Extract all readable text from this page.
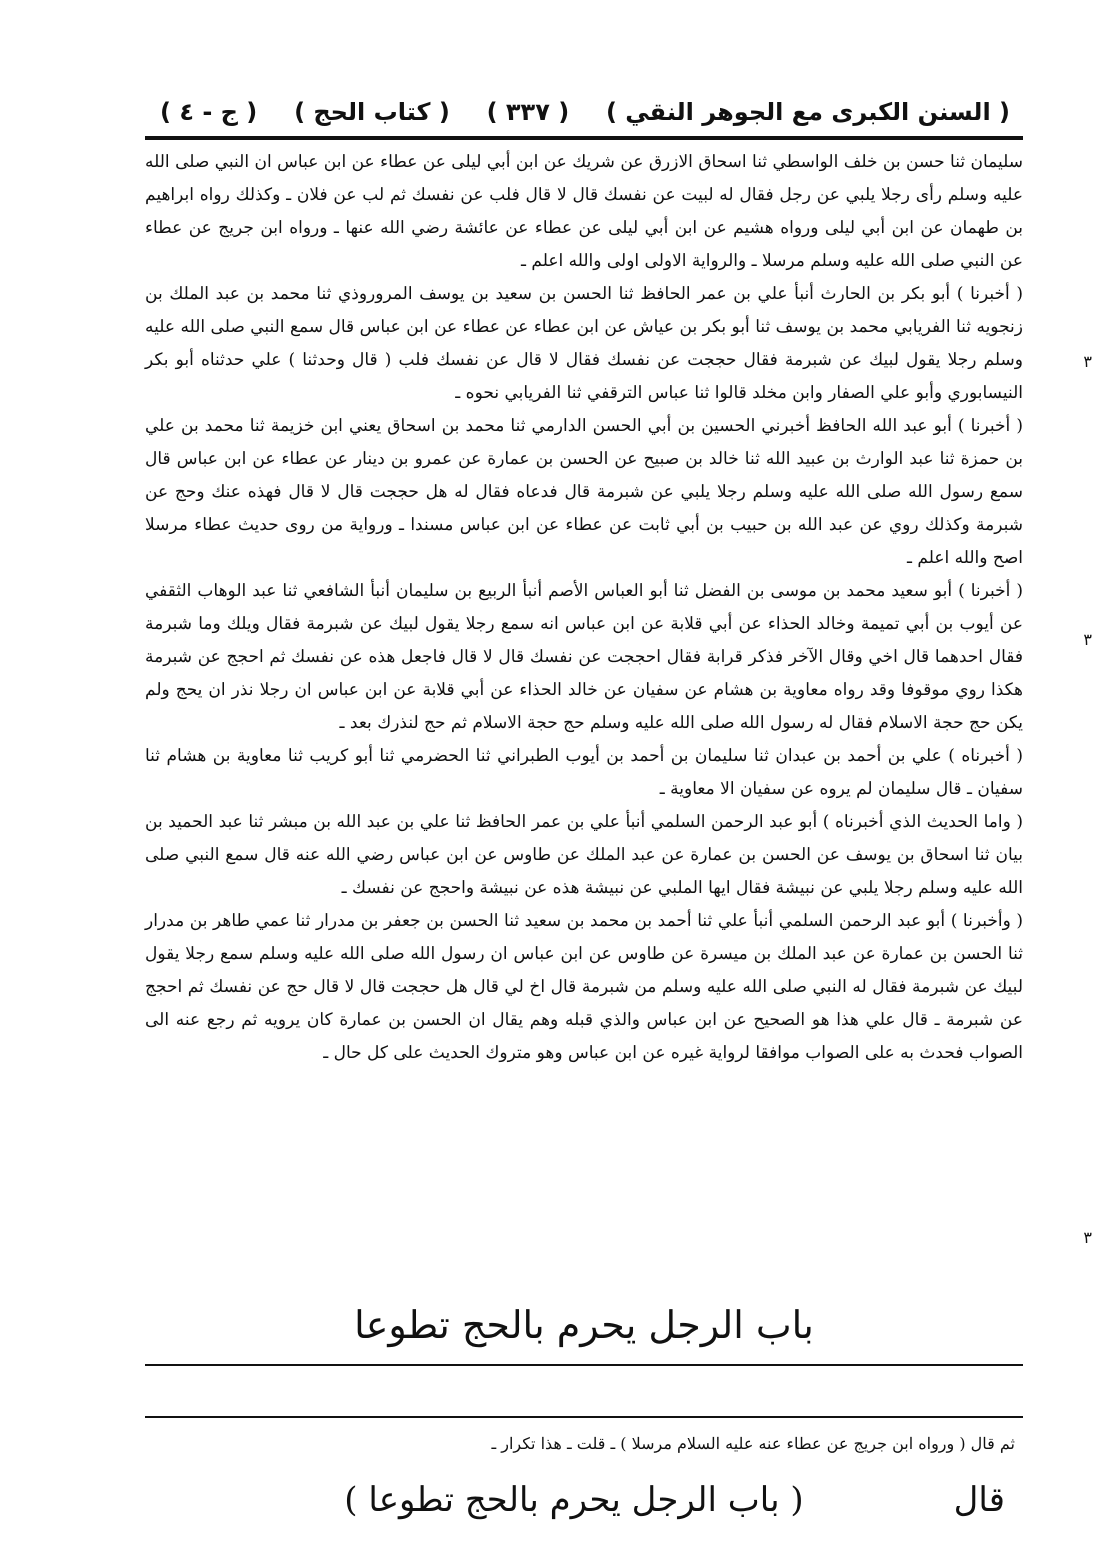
( السنن الكبرى مع الجوهر النقي )
( ٣٣٧ )
( كتاب الحج )
( ج - ٤ )
٣
٣
٣

سليمان ثنا حسن بن خلف الواسطي ثنا اسحاق الازرق عن شريك عن ابن أبي ليلى عن عطاء عن ابن عباس ان النبي صلى الله عليه وسلم رأى رجلا يلبي عن رجل فقال له لبيت عن نفسك قال لا قال فلب عن نفسك ثم لب عن فلان ـ وكذلك رواه ابراهيم بن طهمان عن ابن أبي ليلى ورواه هشيم عن ابن أبي ليلى عن عطاء عن عائشة رضي الله عنها ـ ورواه ابن جريج عن عطاء عن النبي صلى الله عليه وسلم مرسلا ـ والرواية الاولى اولى والله اعلم ـ

( أخبرنا ) أبو بكر بن الحارث أنبأ علي بن عمر الحافظ ثنا الحسن بن سعيد بن يوسف المروروذي ثنا محمد بن عبد الملك بن زنجويه ثنا الفريابي محمد بن يوسف ثنا أبو بكر بن عياش عن ابن عطاء عن عطاء عن ابن عباس قال سمع النبي صلى الله عليه وسلم رجلا يقول لبيك عن شبرمة فقال حججت عن نفسك فقال لا قال عن نفسك فلب ( قال وحدثنا ) علي حدثناه أبو بكر النيسابوري وأبو علي الصفار وابن مخلد قالوا ثنا عباس الترقفي ثنا الفريابي نحوه ـ

( أخبرنا ) أبو عبد الله الحافظ أخبرني الحسين بن أبي الحسن الدارمي ثنا محمد بن اسحاق يعني ابن خزيمة ثنا محمد بن علي بن حمزة ثنا عبد الوارث بن عبيد الله ثنا خالد بن صبيح عن الحسن بن عمارة عن عمرو بن دينار عن عطاء عن ابن عباس قال سمع رسول الله صلى الله عليه وسلم رجلا يلبي عن شبرمة قال فدعاه فقال له هل حججت قال لا قال فهذه عنك وحج عن شبرمة وكذلك روي عن عبد الله بن حبيب بن أبي ثابت عن عطاء عن ابن عباس مسندا ـ ورواية من روى حديث عطاء مرسلا اصح والله اعلم ـ

( أخبرنا ) أبو سعيد محمد بن موسى بن الفضل ثنا أبو العباس الأصم أنبأ الربيع بن سليمان أنبأ الشافعي ثنا عبد الوهاب الثقفي عن أيوب بن أبي تميمة وخالد الحذاء عن أبي قلابة عن ابن عباس انه سمع رجلا يقول لبيك عن شبرمة فقال ويلك وما شبرمة فقال احدهما قال اخي وقال الآخر فذكر قرابة فقال احججت عن نفسك قال لا قال فاجعل هذه عن نفسك ثم احجج عن شبرمة هكذا روي موقوفا وقد رواه معاوية بن هشام عن سفيان عن خالد الحذاء عن أبي قلابة عن ابن عباس ان رجلا نذر ان يحج ولم يكن حج حجة الاسلام فقال له رسول الله صلى الله عليه وسلم حج حجة الاسلام ثم حج لنذرك بعد ـ

( أخبرناه ) علي بن أحمد بن عبدان ثنا سليمان بن أحمد بن أيوب الطبراني ثنا الحضرمي ثنا أبو كريب ثنا معاوية بن هشام ثنا سفيان ـ قال سليمان لم يروه عن سفيان الا معاوية ـ

( واما الحديث الذي أخبرناه ) أبو عبد الرحمن السلمي أنبأ علي بن عمر الحافظ ثنا علي بن عبد الله بن مبشر ثنا عبد الحميد بن بيان ثنا اسحاق بن يوسف عن الحسن بن عمارة عن عبد الملك عن طاوس عن ابن عباس رضي الله عنه قال سمع النبي صلى الله عليه وسلم رجلا يلبي عن نبيشة فقال ايها الملبي عن نبيشة هذه عن نبيشة واحجج عن نفسك ـ

( وأخبرنا ) أبو عبد الرحمن السلمي أنبأ علي ثنا أحمد بن محمد بن سعيد ثنا الحسن بن جعفر بن مدرار ثنا عمي طاهر بن مدرار ثنا الحسن بن عمارة عن عبد الملك بن ميسرة عن طاوس عن ابن عباس ان رسول الله صلى الله عليه وسلم سمع رجلا يقول لبيك عن شبرمة فقال له النبي صلى الله عليه وسلم من شبرمة قال اخ لي قال هل حججت قال لا قال حج عن نفسك ثم احجج عن شبرمة ـ قال علي هذا هو الصحيح عن ابن عباس والذي قبله وهم يقال ان الحسن بن عمارة كان يرويه ثم رجع عنه الى الصواب فحدث به على الصواب موافقا لرواية غيره عن ابن عباس وهو متروك الحديث على كل حال ـ

باب الرجل يحرم بالحج تطوعا
ثم قال ( ورواه ابن جريج عن عطاء عنه عليه السلام مرسلا ) ـ قلت ـ هذا تكرار ـ
قال
( باب الرجل يحرم بالحج تطوعا )
